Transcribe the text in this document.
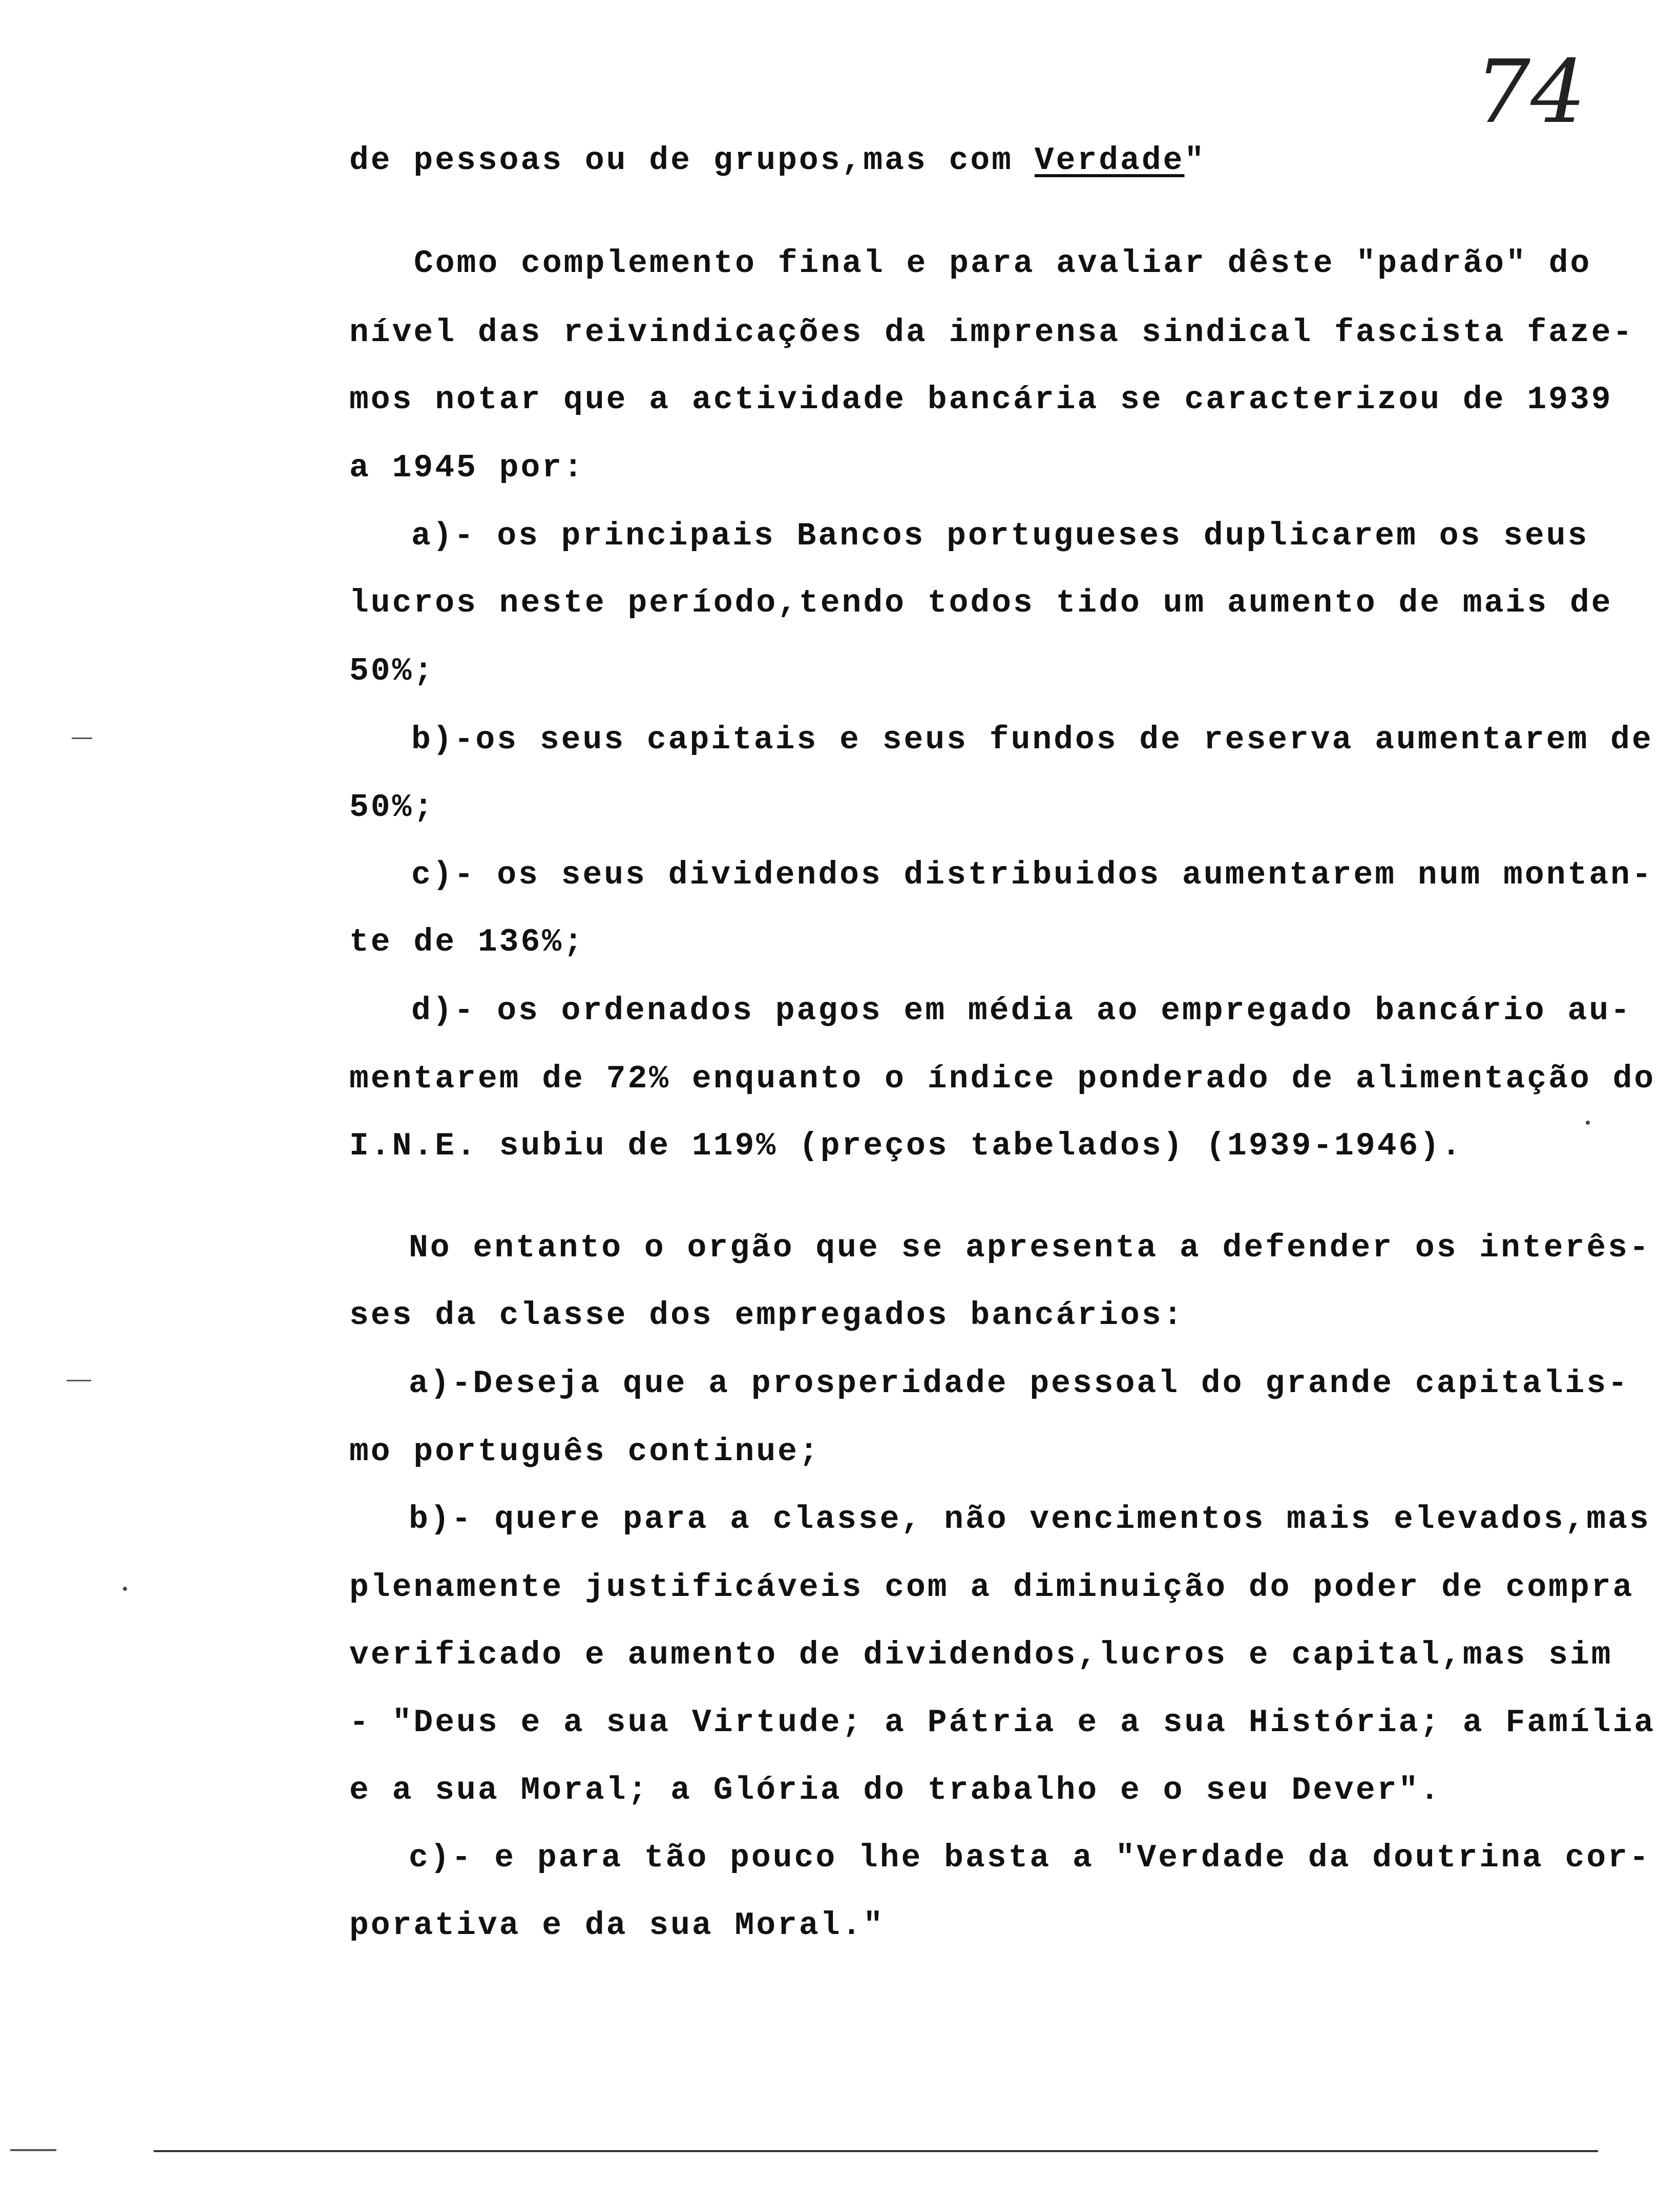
74
de pessoas ou de grupos,mas com Verdade"
Como complemento final e para avaliar dêste "padrão" do
nível das reivindicações da imprensa sindical fascista faze-
mos notar que a actividade bancária se caracterizou de 1939
a 1945 por:
a)- os principais Bancos portugueses duplicarem os seus
lucros neste período,tendo todos tido um aumento de mais de
50%;
b)-os seus capitais e seus fundos de reserva aumentarem de
50%;
c)- os seus dividendos distribuidos aumentarem num montan-
te de 136%;
d)- os ordenados pagos em média ao empregado bancário au-
mentarem de 72% enquanto o índice ponderado de alimentação do
I.N.E. subiu de 119% (preços tabelados) (1939-1946).
No entanto o orgão que se apresenta a defender os interês-
ses da classe dos empregados bancários:
a)-Deseja que a prosperidade pessoal do grande capitalis-
mo português continue;
b)- quere para a classe, não vencimentos mais elevados,mas
plenamente justificáveis com a diminuição do poder de compra
verificado e aumento de dividendos,lucros e capital,mas sim
- "Deus e a sua Virtude; a Pátria e a sua História; a Família
e a sua Moral; a Glória do trabalho e o seu Dever".
c)- e para tão pouco lhe basta a "Verdade da doutrina cor-
porativa e da sua Moral."
